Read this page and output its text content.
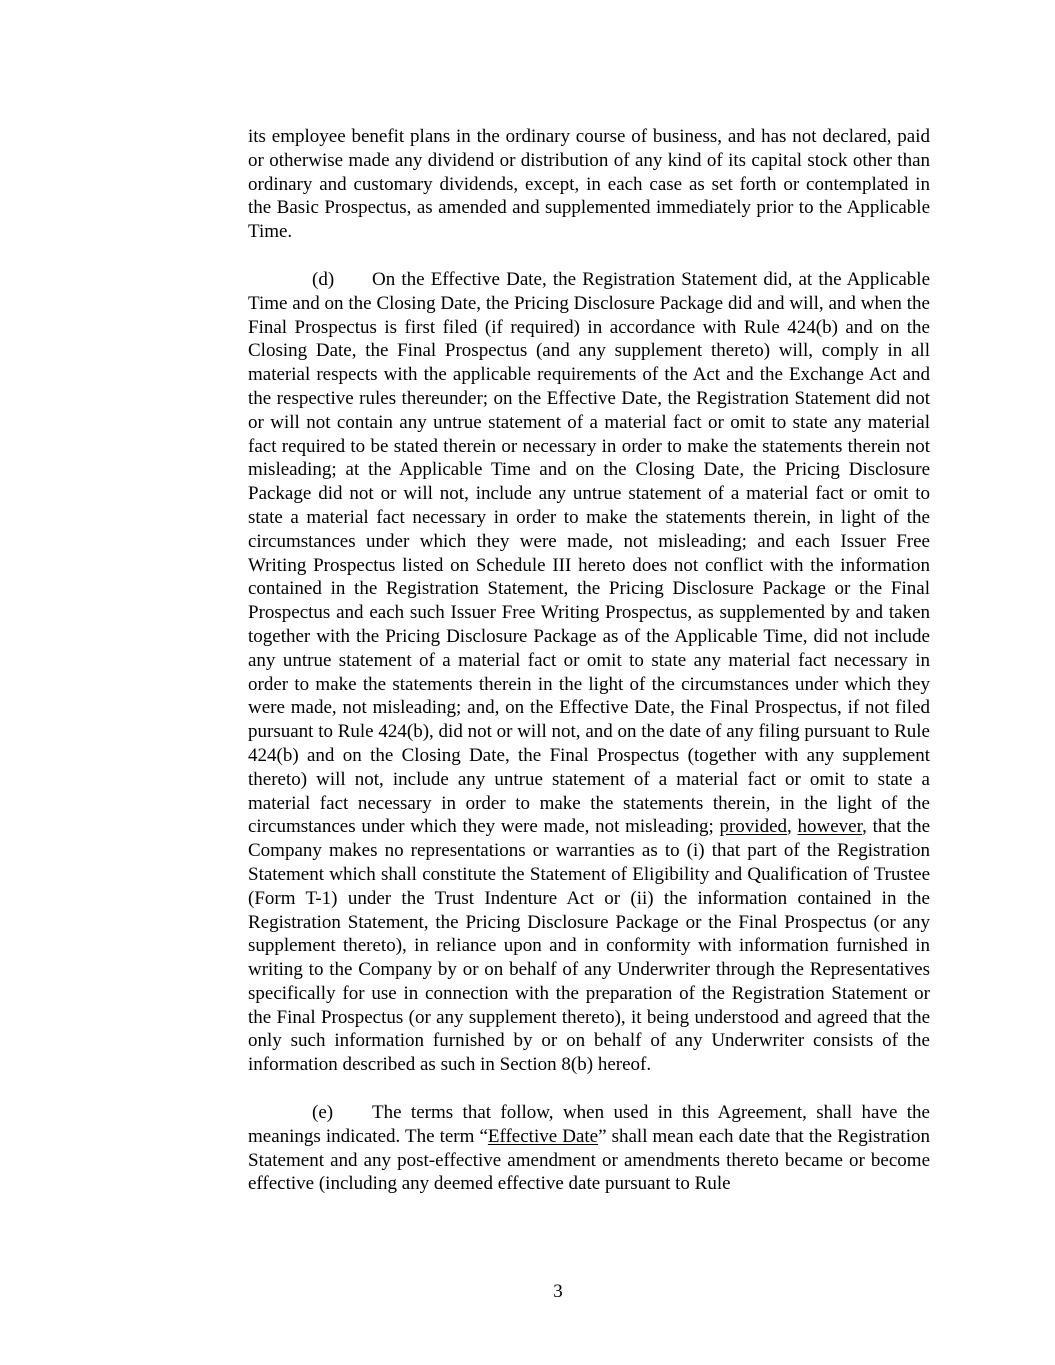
its employee benefit plans in the ordinary course of business, and has not declared, paid or otherwise made any dividend or distribution of any kind of its capital stock other than ordinary and customary dividends, except, in each case as set forth or contemplated in the Basic Prospectus, as amended and supplemented immediately prior to the Applicable Time.

(d) On the Effective Date, the Registration Statement did, at the Applicable Time and on the Closing Date, the Pricing Disclosure Package did and will, and when the Final Prospectus is first filed (if required) in accordance with Rule 424(b) and on the Closing Date, the Final Prospectus (and any supplement thereto) will, comply in all material respects with the applicable requirements of the Act and the Exchange Act and the respective rules thereunder; on the Effective Date, the Registration Statement did not or will not contain any untrue statement of a material fact or omit to state any material fact required to be stated therein or necessary in order to make the statements therein not misleading; at the Applicable Time and on the Closing Date, the Pricing Disclosure Package did not or will not, include any untrue statement of a material fact or omit to state a material fact necessary in order to make the statements therein, in light of the circumstances under which they were made, not misleading; and each Issuer Free Writing Prospectus listed on Schedule III hereto does not conflict with the information contained in the Registration Statement, the Pricing Disclosure Package or the Final Prospectus and each such Issuer Free Writing Prospectus, as supplemented by and taken together with the Pricing Disclosure Package as of the Applicable Time, did not include any untrue statement of a material fact or omit to state any material fact necessary in order to make the statements therein in the light of the circumstances under which they were made, not misleading; and, on the Effective Date, the Final Prospectus, if not filed pursuant to Rule 424(b), did not or will not, and on the date of any filing pursuant to Rule 424(b) and on the Closing Date, the Final Prospectus (together with any supplement thereto) will not, include any untrue statement of a material fact or omit to state a material fact necessary in order to make the statements therein, in the light of the circumstances under which they were made, not misleading; provided, however, that the Company makes no representations or warranties as to (i) that part of the Registration Statement which shall constitute the Statement of Eligibility and Qualification of Trustee (Form T-1) under the Trust Indenture Act or (ii) the information contained in the Registration Statement, the Pricing Disclosure Package or the Final Prospectus (or any supplement thereto), in reliance upon and in conformity with information furnished in writing to the Company by or on behalf of any Underwriter through the Representatives specifically for use in connection with the preparation of the Registration Statement or the Final Prospectus (or any supplement thereto), it being understood and agreed that the only such information furnished by or on behalf of any Underwriter consists of the information described as such in Section 8(b) hereof.

(e) The terms that follow, when used in this Agreement, shall have the meanings indicated. The term “Effective Date” shall mean each date that the Registration Statement and any post-effective amendment or amendments thereto became or become effective (including any deemed effective date pursuant to Rule

3
